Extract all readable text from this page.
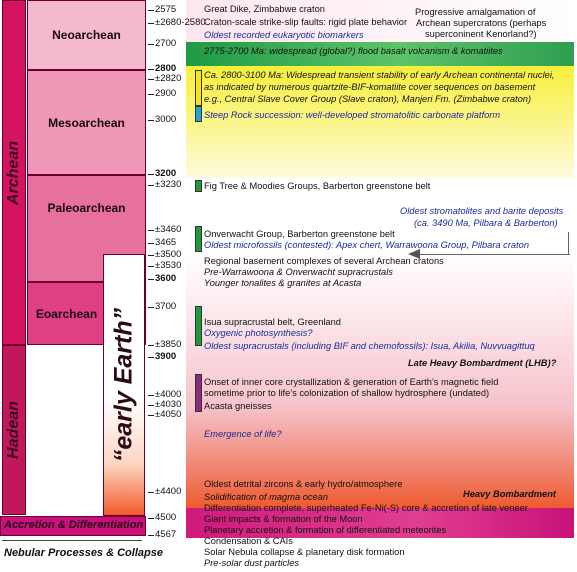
Archean
Hadean
Neoarchean
Mesoarchean
Paleoarchean
Eoarchean “early Earth”
Accretion & Differentiation
Nebular Processes & Collapse
2575
±2680-2580
2700
2800
±2820
2900
3000
3200
±3230
±3460
3465
±3500
±3530
3600
3700
±3850
3900
±4000
±4030
±4050
±4400
4500
4567
Great Dike, Zimbabwe craton
Craton-scale strike-slip faults: rigid plate behavior
Oldest recorded eukaryotic biomarkers
Progressive amalgamation of
Archean supercratons (perhaps
superconinent Kenorland?)
2775-2700 Ma: widespread (global?) flood basalt volcanism & komatiites
Ca. 2800-3100 Ma: Widespread transient stability of early Archean continental nuclei,
as indicated by numerous quartzite-BIF-komatiite cover sequences on basement
e.g., Central Slave Cover Group (Slave craton), Manjeri Fm. (Zimbabwe craton)
Steep Rock succession: well-developed stromatolitic carbonate platform
Fig Tree & Moodies Groups, Barberton greenstone belt
Oldest stromatolites and barite deposits
(ca. 3490 Ma, Pilbara & Barberton)
Onverwacht Group, Barberton greenstone belt
Oldest microfossils (contested): Apex chert, Warrawoona Group, Pilbara craton
Regional basement complexes of several Archean cratons
Pre-Warrawoona & Onverwacht supracrustals
Younger tonalites & granites at Acasta
Isua supracrustal belt, Greenland
Oxygenic photosynthesis?
Oldest supracrustals (including BIF and chemofossils): Isua, Akilia, Nuvvuagittuq
Late Heavy Bombardment (LHB)?
Onset of inner core crystallization & generation of Earth’s magnetic field
sometime prior to life’s colonization of shallow hydrosphere (undated)
Acasta gneisses
Emergence of life?
Oldest detrital zircons & early hydro/atmosphere
Heavy Bombardment
Solidification of magma ocean
Differentiation complete, superheated Fe-Ni(-S) core & accretion of late veneer
Giant impacts & formation of the Moon
Planetary accretion & formation of differentiated meteorites
Condensation & CAIs
Solar Nebula collapse & planetary disk formation
Pre-solar dust particles
